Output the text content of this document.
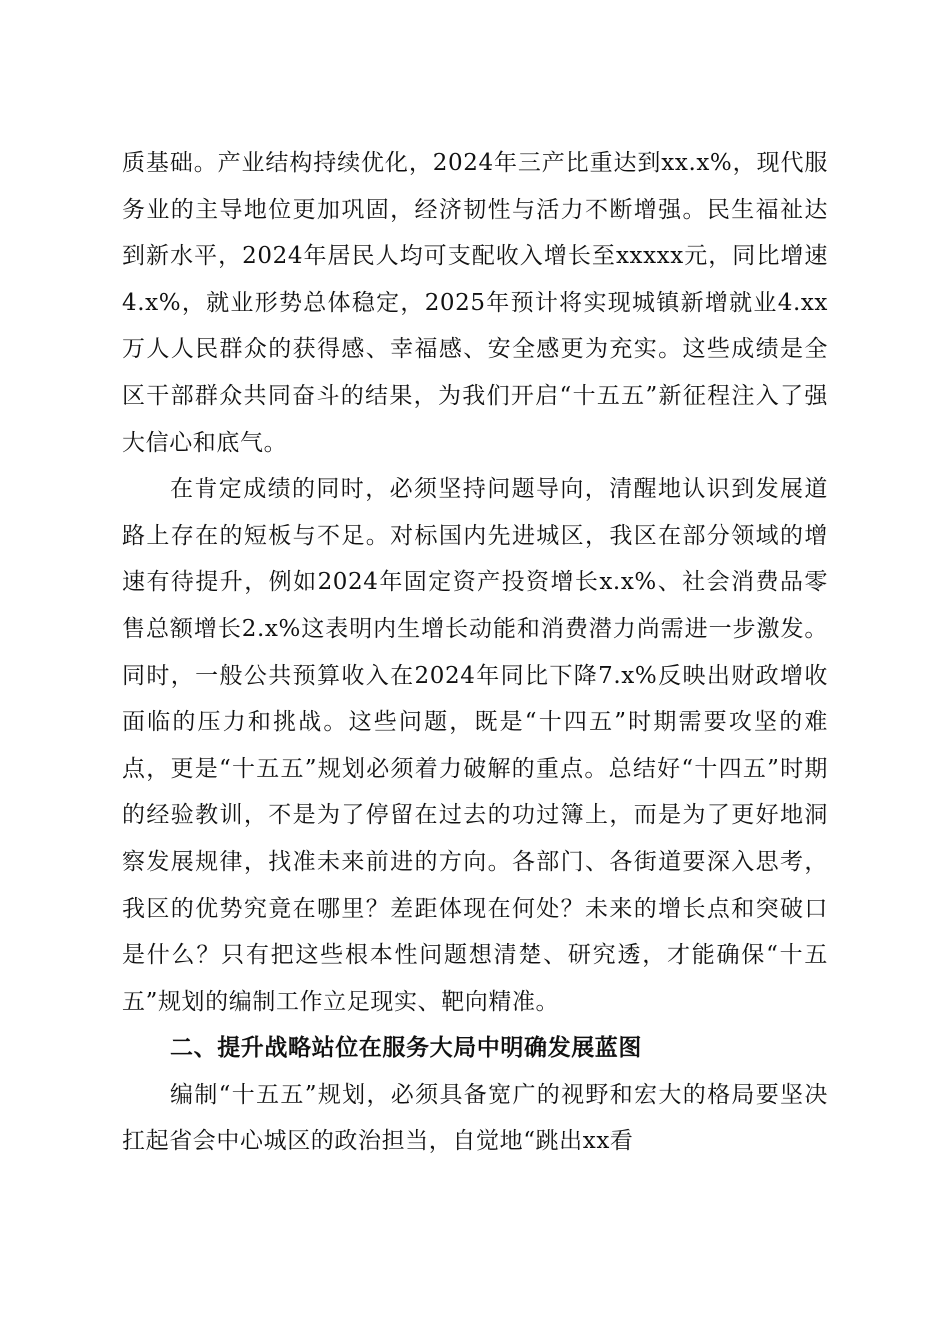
质基础。产业结构持续优化，2024年三产比重达到xx.x%，现代服务业的主导地位更加巩固，经济韧性与活力不断增强。民生福祉达到新水平，2024年居民人均可支配收入增长至xxxxx元，同比增速4.x%，就业形势总体稳定，2025年预计将实现城镇新增就业4.xx万人人民群众的获得感、幸福感、安全感更为充实。这些成绩是全区干部群众共同奋斗的结果，为我们开启“十五五”新征程注入了强大信心和底气。

在肯定成绩的同时，必须坚持问题导向，清醒地认识到发展道路上存在的短板与不足。对标国内先进城区，我区在部分领域的增速有待提升，例如2024年固定资产投资增长x.x%、社会消费品零售总额增长2.x%这表明内生增长动能和消费潜力尚需进一步激发。同时，一般公共预算收入在2024年同比下降7.x%反映出财政增收面临的压力和挑战。这些问题，既是“十四五”时期需要攻坚的难点，更是“十五五”规划必须着力破解的重点。总结好“十四五”时期的经验教训，不是为了停留在过去的功过簿上，而是为了更好地洞察发展规律，找准未来前进的方向。各部门、各街道要深入思考，我区的优势究竟在哪里？差距体现在何处？未来的增长点和突破口是什么？只有把这些根本性问题想清楚、研究透，才能确保“十五五”规划的编制工作立足现实、靶向精准。

二、提升战略站位在服务大局中明确发展蓝图

编制“十五五”规划，必须具备宽广的视野和宏大的格局要坚决扛起省会中心城区的政治担当，自觉地“跳出xx看
